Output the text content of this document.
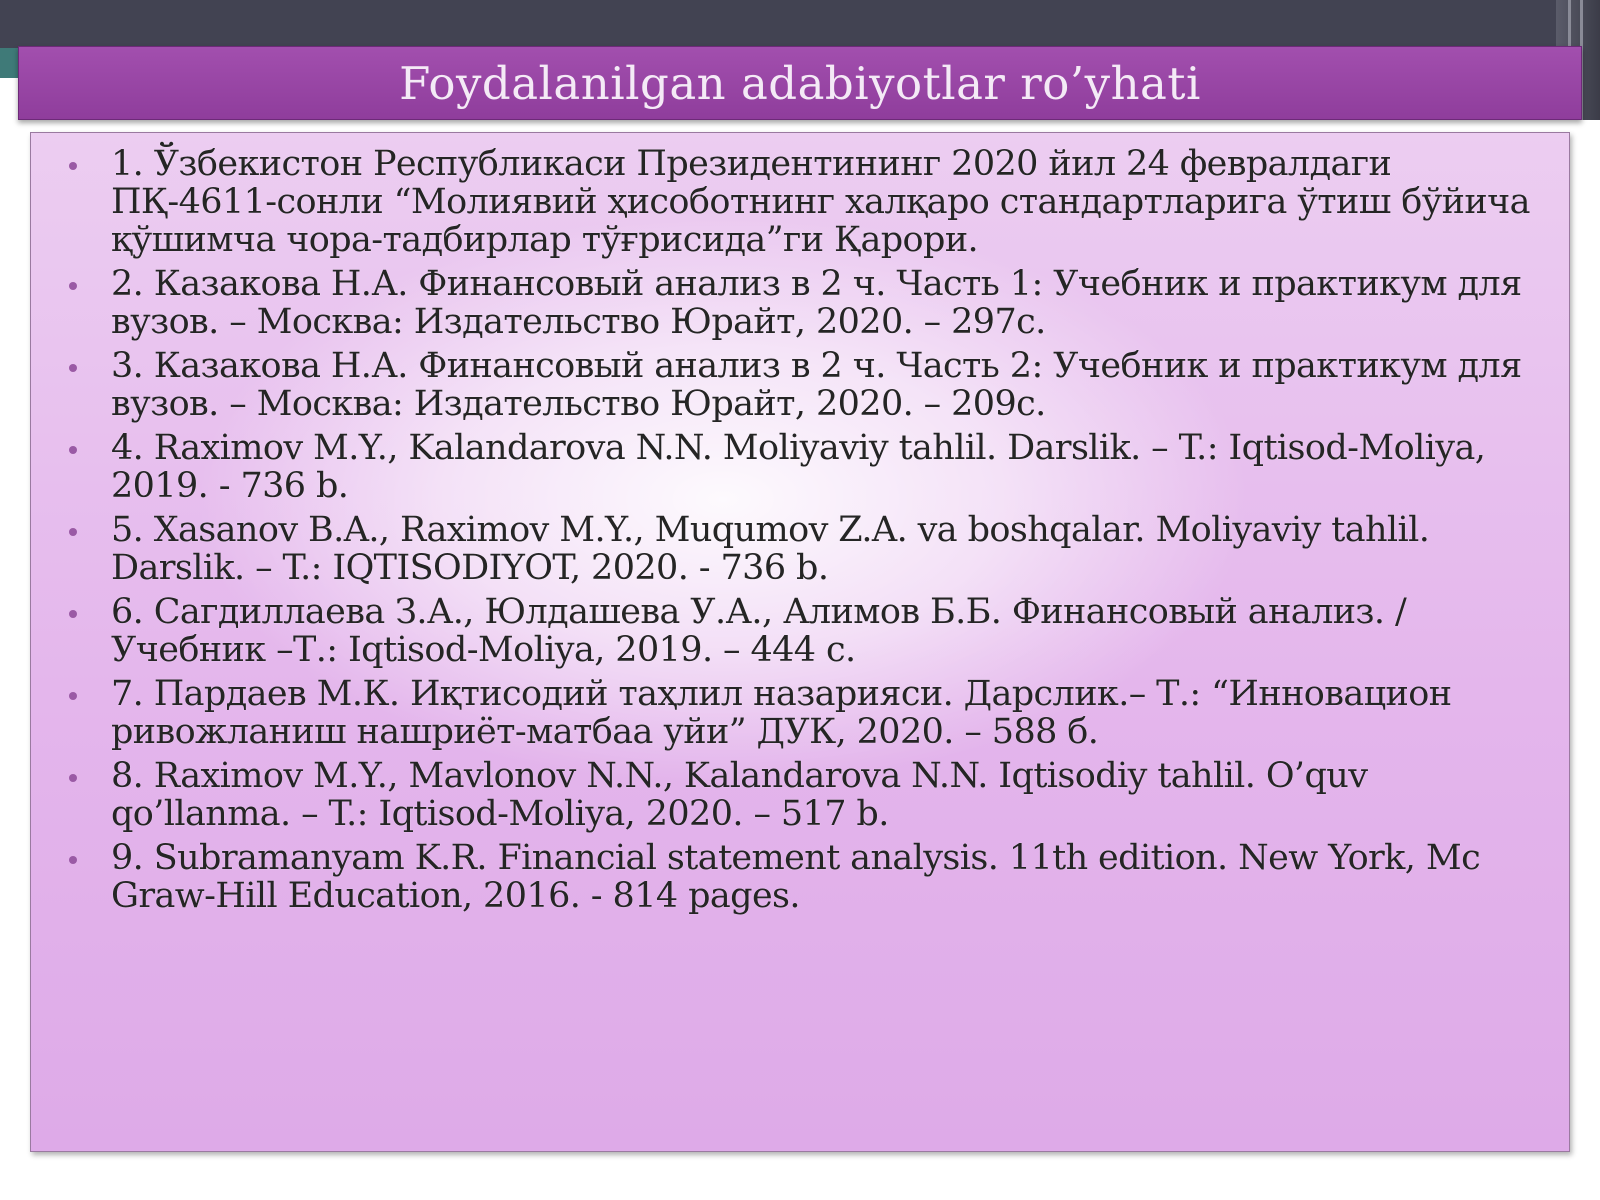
Foydalanilgan adabiyotlar ro’yhati
1. Ўзбекистон Республикаси Президентининг 2020 йил 24 февралдаги ПҚ-4611-сонли “Молиявий ҳисоботнинг халқаро стандартларига ўтиш бўйича қўшимча чора-тадбирлар тўғрисида”ги Қарори.
2. Казакова Н.А. Финансовый анализ в 2 ч. Часть 1: Учебник и практикум для вузов. – Москва: Издательство Юрайт, 2020. – 297с.
3. Казакова Н.А. Финансовый анализ в 2 ч. Часть 2: Учебник и практикум для вузов. – Москва: Издательство Юрайт, 2020. – 209с.
4. Raximov M.Y., Kalandarova N.N. Moliyaviy tahlil. Darslik. – T.: Iqtisod-Moliya, 2019. - 736 b.
5. Xasanov B.A., Raximov M.Y., Muqumov Z.A. va boshqalar. Moliyaviy tahlil. Darslik. – T.: IQTISODIYOT, 2020. - 736 b.
6. Сагдиллаева З.А., Юлдашева У.А., Алимов Б.Б. Финансовый анализ. / Учебник –Т.: Iqtisod-Moliya, 2019. – 444 с.
7. Пардаев М.К. Иқтисодий таҳлил назарияси. Дарслик.– Т.: “Инновацион ривожланиш нашриёт-матбаа уйи” ДУК, 2020. – 588 б.
8. Raximov M.Y., Mavlonov N.N., Kalandarova N.N. Iqtisodiy tahlil. O’quv qo’llanma. – T.: Iqtisod-Moliya, 2020. – 517 b.
9. Subramanyam K.R. Financial statement analysis. 11th edition. New York, Mc Graw-Hill Education, 2016. - 814 pages.
